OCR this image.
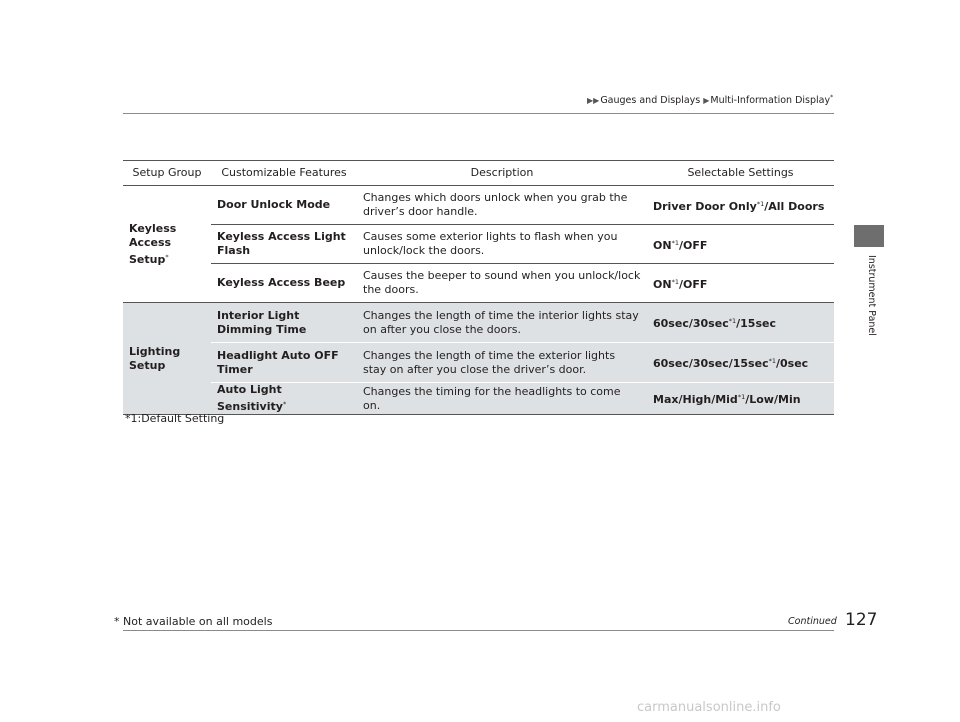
▶▶Gauges and Displays ▶Multi-Information Display*
Instrument Panel
Setup Group	Customizable Features	Description	Selectable Settings
Keyless Access Setup*	Door Unlock Mode	Changes which doors unlock when you grab the driver’s door handle.	Driver Door Only$^{*1}$/All Doors
	Keyless Access Light Flash	Causes some exterior lights to flash when you unlock/lock the doors.	ON$^{*1}$/OFF
	Keyless Access Beep	Causes the beeper to sound when you unlock/lock the doors.	ON$^{*1}$/OFF
Lighting Setup	Interior Light Dimming Time	Changes the length of time the interior lights stay on after you close the doors.	$60\sec/30\sec^{*1}/15\sec$
	Headlight Auto OFF Timer	Changes the length of time the exterior lights stay on after you close the driver’s door.	$60\sec/30\sec/15\sec^{*1}/0\sec$
	Auto Light Sensitivity*	Changes the timing for the headlights to come on.	Max/High/Mid$^{*1}$/Low/Min
*1:Default Setting
* Not available on all models	Continued 127
carmanualsonline.info
